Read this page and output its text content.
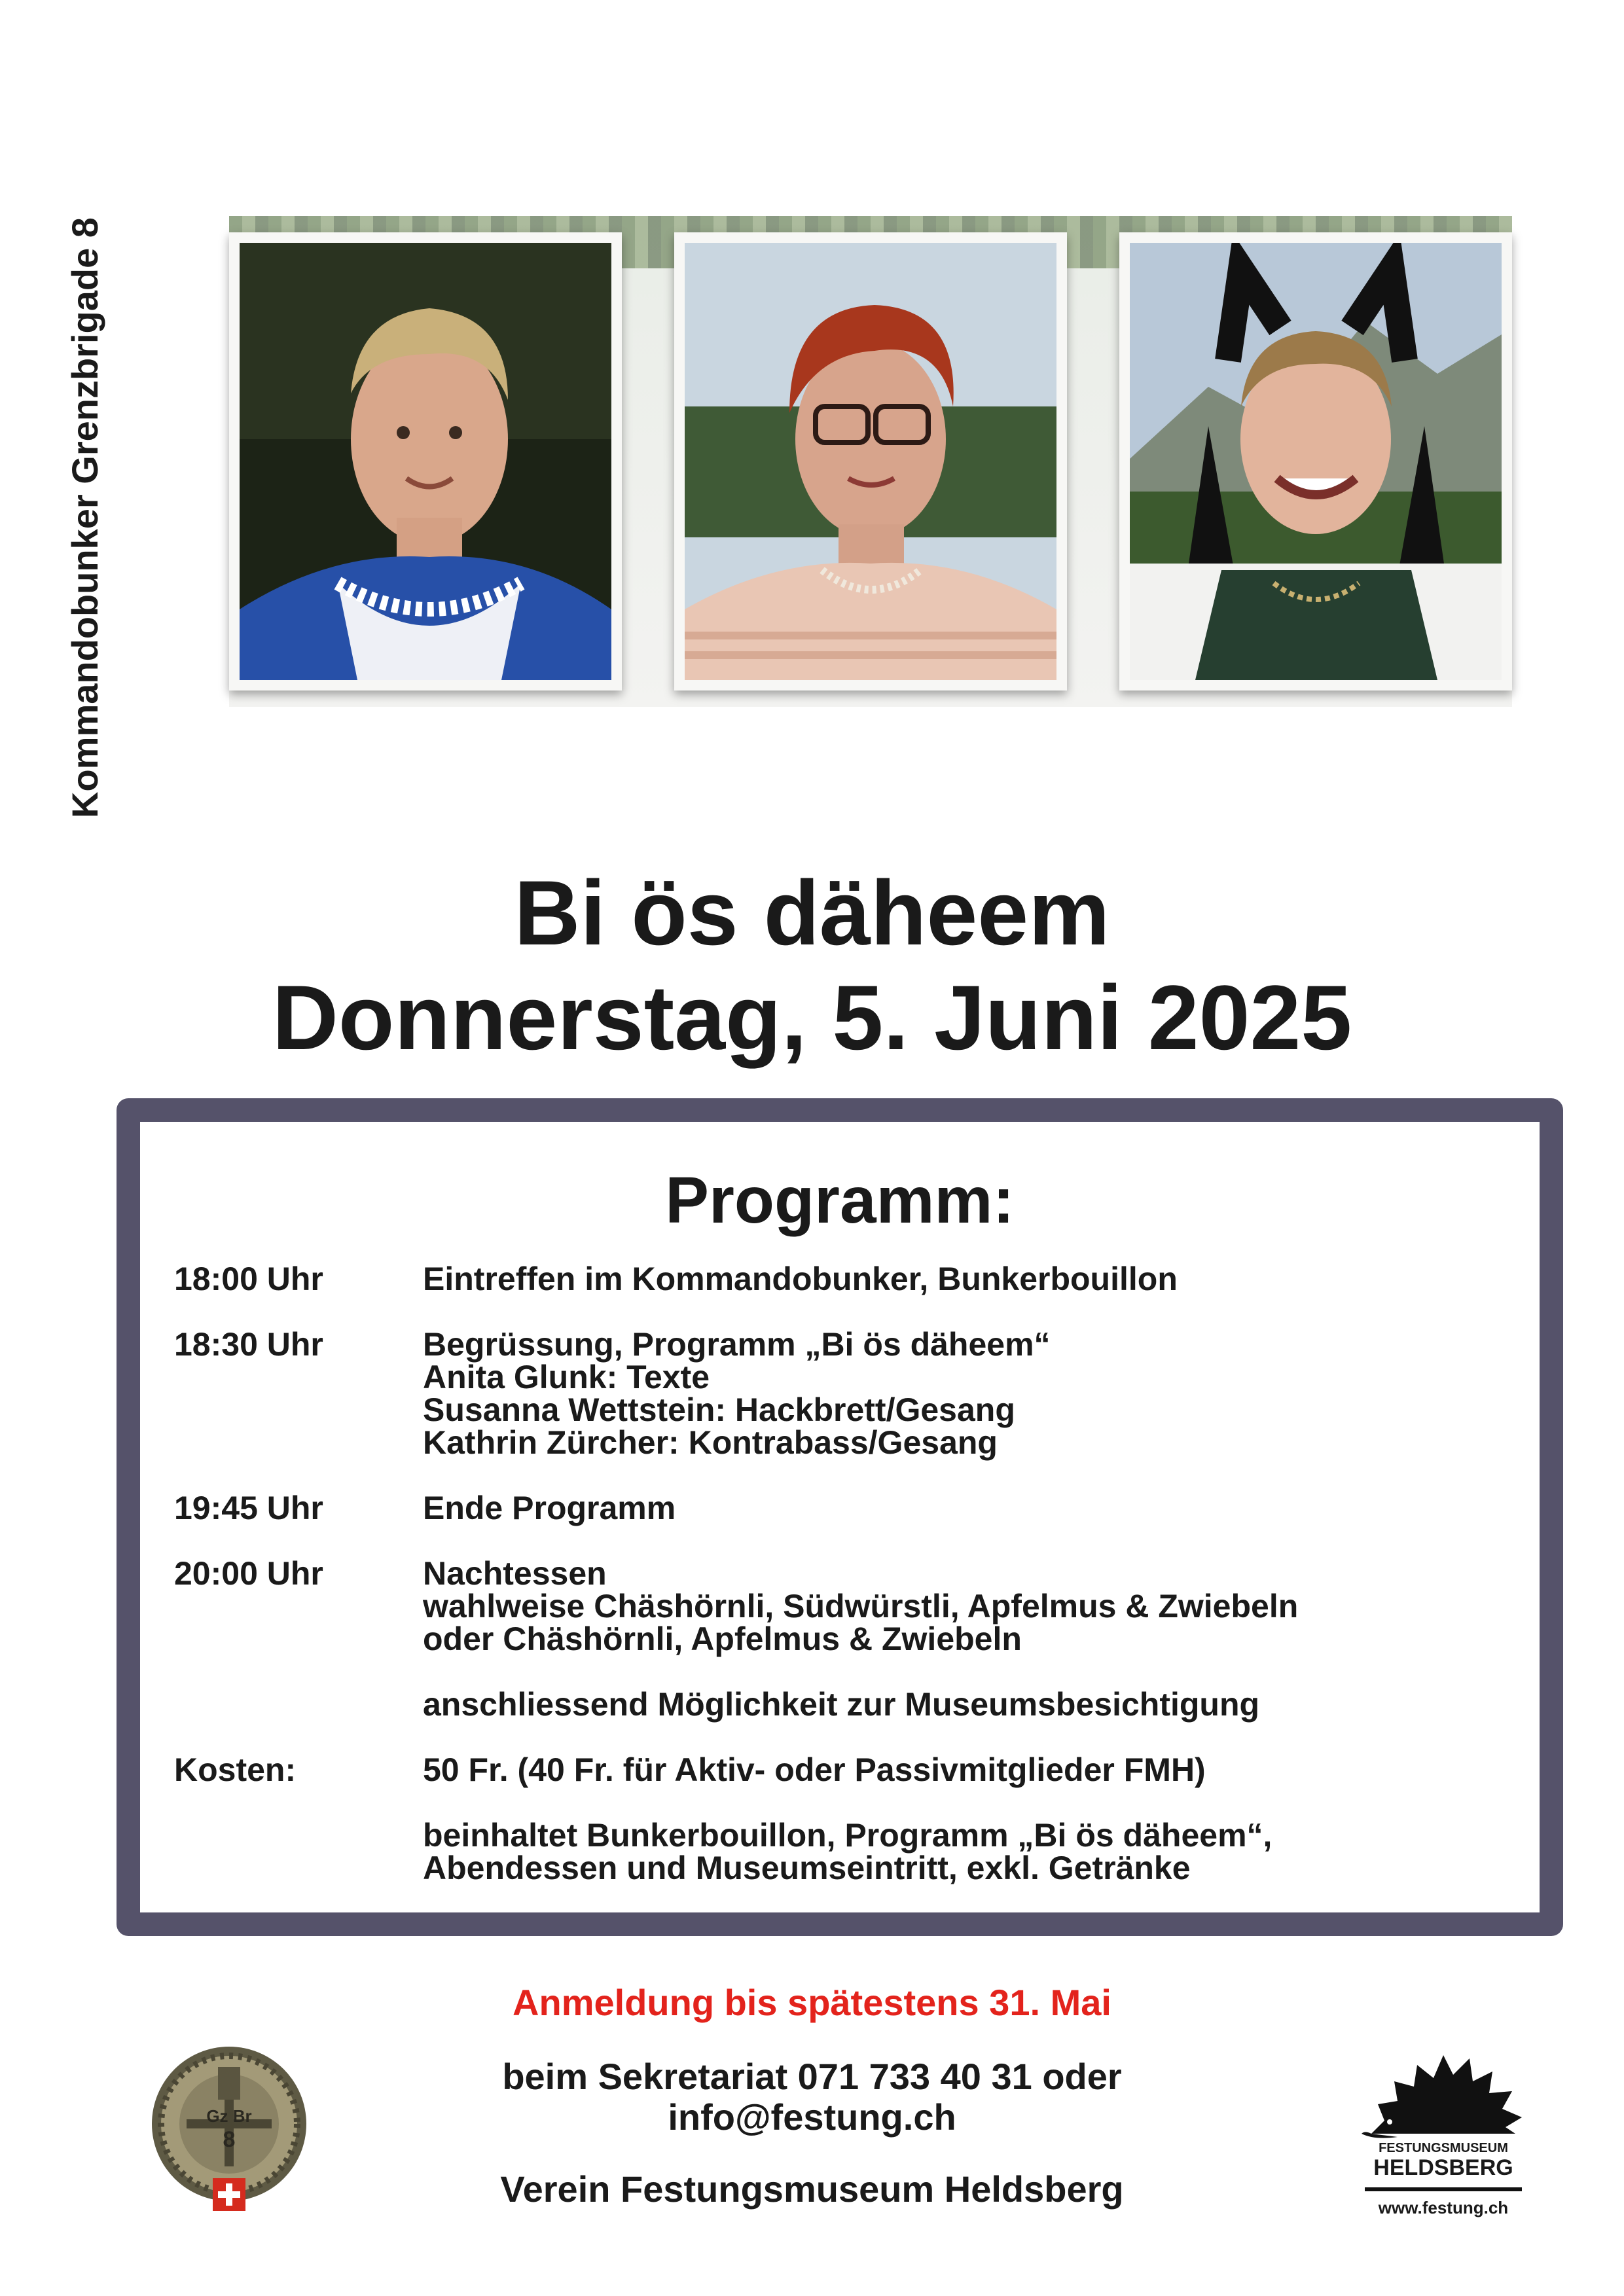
Kommandobunker Grenzbrigade 8
Bi ös däheem
Donnerstag, 5. Juni 2025
Programm:
18:00 Uhr	Eintreffen im Kommandobunker, Bunkerbouillon
18:30 Uhr	Begrüssung, Programm „Bi ös däheem“
Anita Glunk: Texte
Susanna Wettstein: Hackbrett/Gesang
Kathrin Zürcher: Kontrabass/Gesang
19:45 Uhr	Ende Programm
20:00 Uhr	Nachtessen
wahlweise Chäshörnli, Südwürstli, Apfelmus & Zwiebeln
oder Chäshörnli, Apfelmus & Zwiebeln
anschliessend Möglichkeit zur Museumsbesichtigung
Kosten:	50 Fr. (40 Fr. für Aktiv- oder Passivmitglieder FMH)
beinhaltet Bunkerbouillon, Programm „Bi ös däheem“,
Abendessen und Museumseintritt, exkl. Getränke
Anmeldung bis spätestens 31. Mai
beim Sekretariat 071 733 40 31 oder
info@festung.ch
Verein Festungsmuseum Heldsberg
Gz Br
8	FESTUNGSMUSEUM
HELDSBERG
www.festung.ch
